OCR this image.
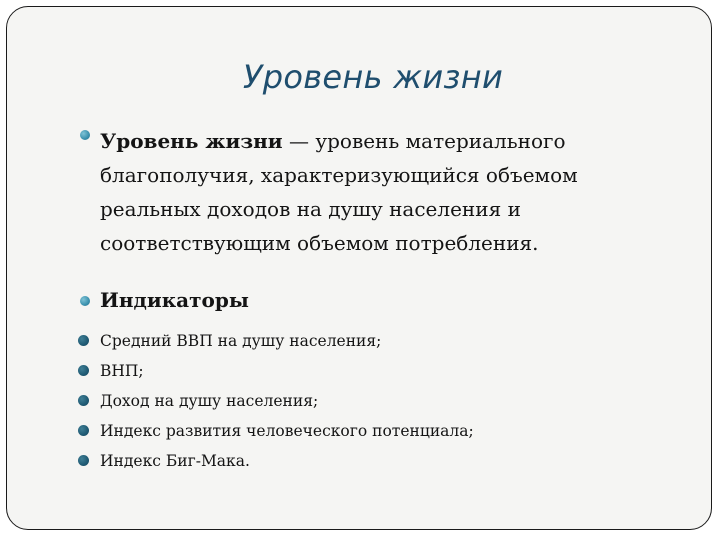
Уровень жизни
Уровень жизни — уровень материального благополучия, характеризующийся объемом реальных доходов на душу населения и соответствующим объемом потребления.
Индикаторы
Средний ВВП на душу населения;
ВНП;
Доход на душу населения;
Индекс развития человеческого потенциала;
Индекс Биг-Мака.
